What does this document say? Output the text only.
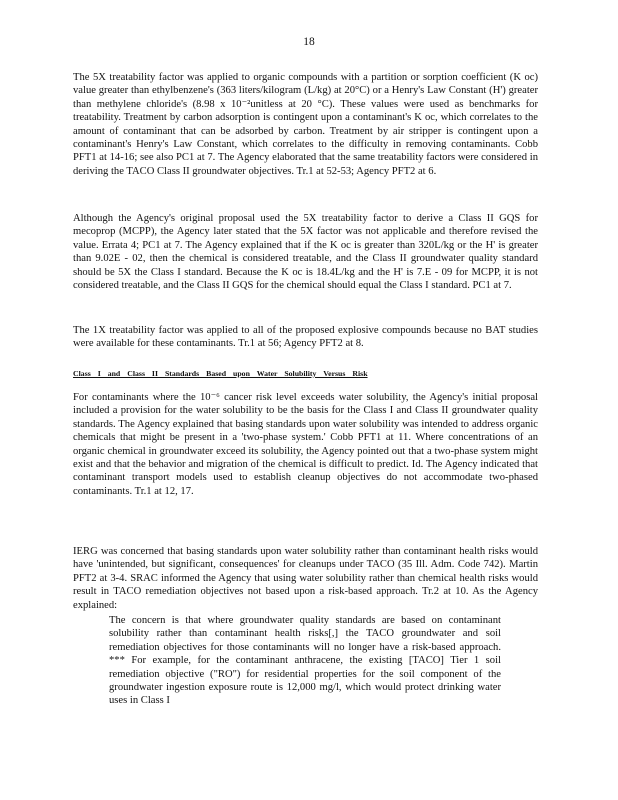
18

The 5X treatability factor was applied to organic compounds with a partition or sorption coefficient (K oc) value greater than ethylbenzene's (363 liters/kilogram (L/kg) at 20°C) or a Henry's Law Constant (H') greater than methylene chloride's (8.98 x 10⁻²unitless at 20 °C). These values were used as benchmarks for treatability. Treatment by carbon adsorption is contingent upon a contaminant's K oc, which correlates to the amount of contaminant that can be adsorbed by carbon. Treatment by air stripper is contingent upon a contaminant's Henry's Law Constant, which correlates to the difficulty in removing contaminants. Cobb PFT1 at 14-16; see also PC1 at 7. The Agency elaborated that the same treatability factors were considered in deriving the TACO Class II groundwater objectives. Tr.1 at 52-53; Agency PFT2 at 6.

Although the Agency's original proposal used the 5X treatability factor to derive a Class II GQS for mecoprop (MCPP), the Agency later stated that the 5X factor was not applicable and therefore revised the value. Errata 4; PC1 at 7. The Agency explained that if the K oc is greater than 320L/kg or the H' is greater than 9.02E - 02, then the chemical is considered treatable, and the Class II groundwater quality standard should be 5X the Class I standard. Because the K oc is 18.4L/kg and the H' is 7.E - 09 for MCPP, it is not considered treatable, and the Class II GQS for the chemical should equal the Class I standard. PC1 at 7.

The 1X treatability factor was applied to all of the proposed explosive compounds because no BAT studies were available for these contaminants. Tr.1 at 56; Agency PFT2 at 8.

Class I and Class II Standards Based upon Water Solubility Versus Risk

For contaminants where the 10⁻⁶ cancer risk level exceeds water solubility, the Agency's initial proposal included a provision for the water solubility to be the basis for the Class I and Class II groundwater quality standards. The Agency explained that basing standards upon water solubility was intended to address organic chemicals that might be present in a 'two-phase system.' Cobb PFT1 at 11. Where concentrations of an organic chemical in groundwater exceed its solubility, the Agency pointed out that a two-phase system might exist and that the behavior and migration of the chemical is difficult to predict. Id. The Agency indicated that contaminant transport models used to establish cleanup objectives do not accommodate two-phased contaminants. Tr.1 at 12, 17.

IERG was concerned that basing standards upon water solubility rather than contaminant health risks would have 'unintended, but significant, consequences' for cleanups under TACO (35 Ill. Adm. Code 742). Martin PFT2 at 3-4. SRAC informed the Agency that using water solubility rather than chemical health risks would result in TACO remediation objectives not based upon a risk-based approach. Tr.2 at 10. As the Agency explained:

The concern is that where groundwater quality standards are based on contaminant solubility rather than contaminant health risks[,] the TACO groundwater and soil remediation objectives for those contaminants will no longer have a risk-based approach. *** For example, for the contaminant anthracene, the existing [TACO] Tier 1 soil remediation objective ("RO") for residential properties for the soil component of the groundwater ingestion exposure route is 12,000 mg/l, which would protect drinking water uses in Class I
